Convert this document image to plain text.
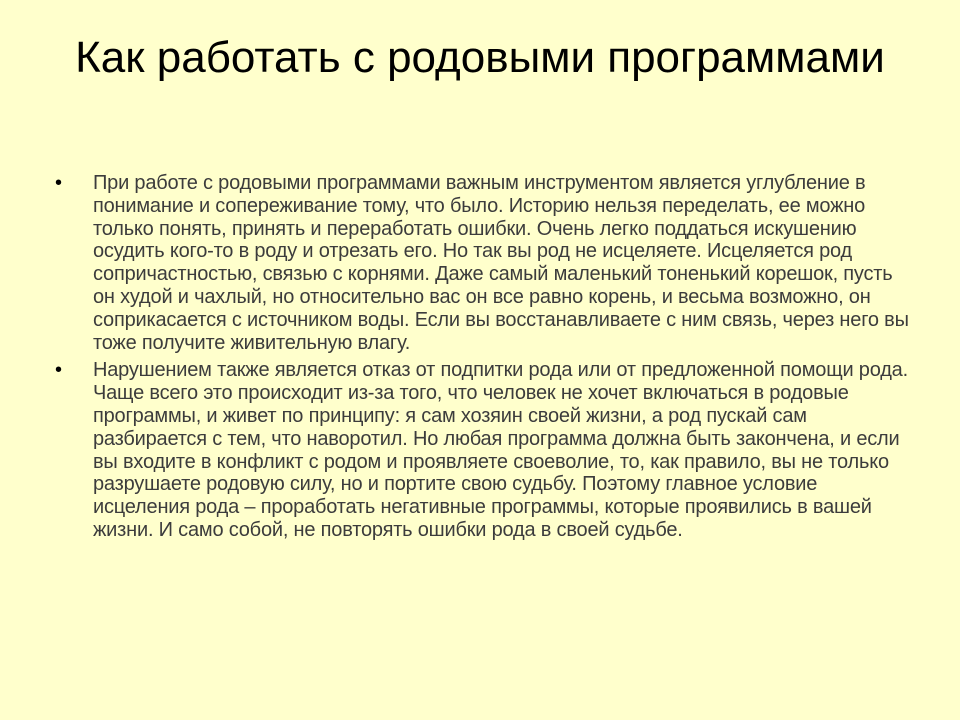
Как работать с родовыми программами
• При работе с родовыми программами важным инструментом является углубление в понимание и сопереживание тому, что было. Историю нельзя переделать, ее можно только понять, принять и переработать ошибки. Очень легко поддаться искушению осудить кого-то в роду и отрезать его. Но так вы род не исцеляете. Исцеляется род сопричастностью, связью с корнями. Даже самый маленький тоненький корешок, пусть он худой и чахлый, но относительно вас он все равно корень, и весьма возможно, он соприкасается с источником воды. Если вы восстанавливаете с ним связь, через него вы тоже получите живительную влагу.
• Нарушением также является отказ от подпитки рода или от предложенной помощи рода. Чаще всего это происходит из-за того, что человек не хочет включаться в родовые программы, и живет по принципу: я сам хозяин своей жизни, а род пускай сам разбирается с тем, что наворотил. Но любая программа должна быть закончена, и если вы входите в конфликт с родом и проявляете своеволие, то, как правило, вы не только разрушаете родовую силу, но и портите свою судьбу. Поэтому главное условие исцеления рода – проработать негативные программы, которые проявились в вашей жизни. И само собой, не повторять ошибки рода в своей судьбе.
